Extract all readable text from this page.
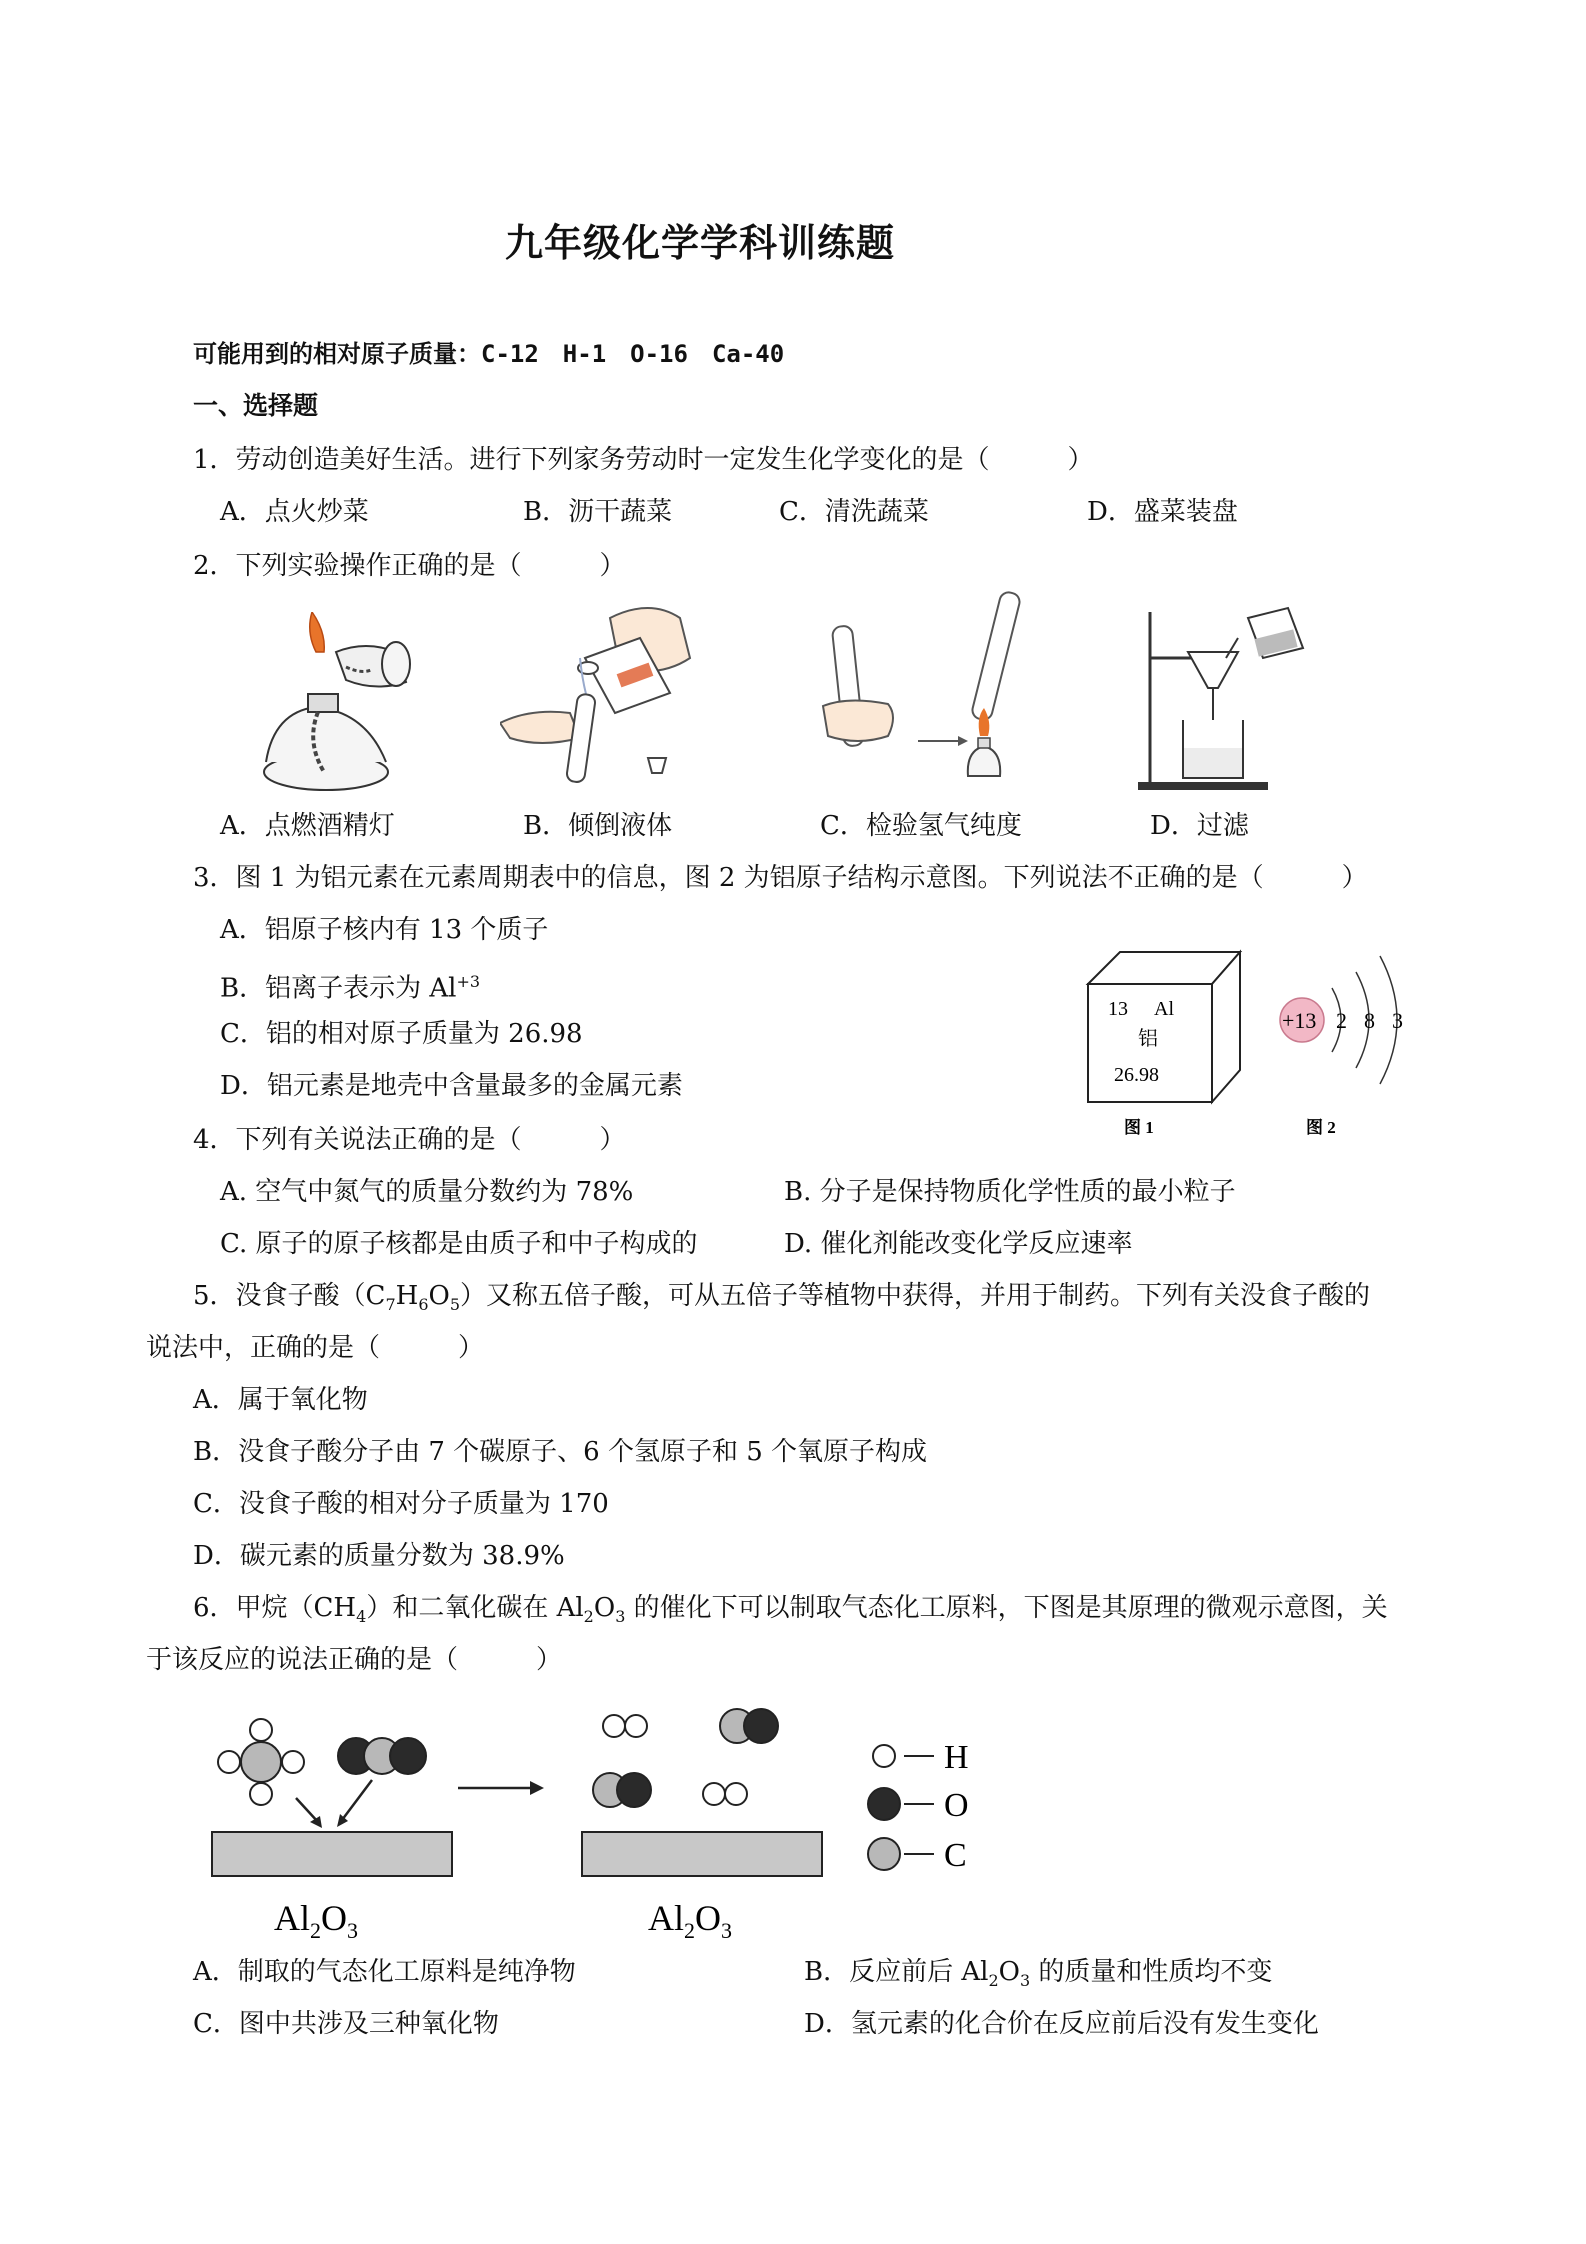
九年级化学学科训练题
可能用到的相对原子质量：C-12　H-1　O-16　Ca-40
一、选择题
1．劳动创造美好生活。进行下列家务劳动时一定发生化学变化的是（　　　）
A．点火炒菜	B．沥干蔬菜	C．清洗蔬菜	D．盛菜装盘
2．下列实验操作正确的是（　　　）
A．点燃酒精灯	B．倾倒液体	C．检验氢气纯度	D．过滤
3．图 1 为铝元素在元素周期表中的信息，图 2 为铝原子结构示意图。下列说法不正确的是（　　　）
A．铝原子核内有 13 个质子
B．铝离子表示为 $Al^{+3}$
C．铝的相对原子质量为 26.98
D．铝元素是地壳中含量最多的金属元素
13 Al
铝
26.98
图 1
+13 2 8 3
图 2
4．下列有关说法正确的是（　　　）
A. 空气中氮气的质量分数约为 78%	B. 分子是保持物质化学性质的最小粒子
C. 原子的原子核都是由质子和中子构成的	D. 催化剂能改变化学反应速率
5．没食子酸$(C_7H_6O_5)$又称五倍子酸，可从五倍子等植物中获得，并用于制药。下列有关没食子酸的
说法中，正确的是（　　　）
A．属于氧化物
B．没食子酸分子由 7 个碳原子、6 个氢原子和 5 个氧原子构成
C．没食子酸的相对分子质量为 170
D．碳元素的质量分数为 38.9%
6．甲烷$(CH_4)$和二氧化碳在 $Al_2O_3$ 的催化下可以制取气态化工原料，下图是其原理的微观示意图，关
于该反应的说法正确的是（　　　）
$Al_2O_3$	$Al_2O_3$
H
O
C
A．制取的气态化工原料是纯净物	B．反应前后 $Al_2O_3$ 的质量和性质均不变
C．图中共涉及三种氧化物	D．氢元素的化合价在反应前后没有发生变化
